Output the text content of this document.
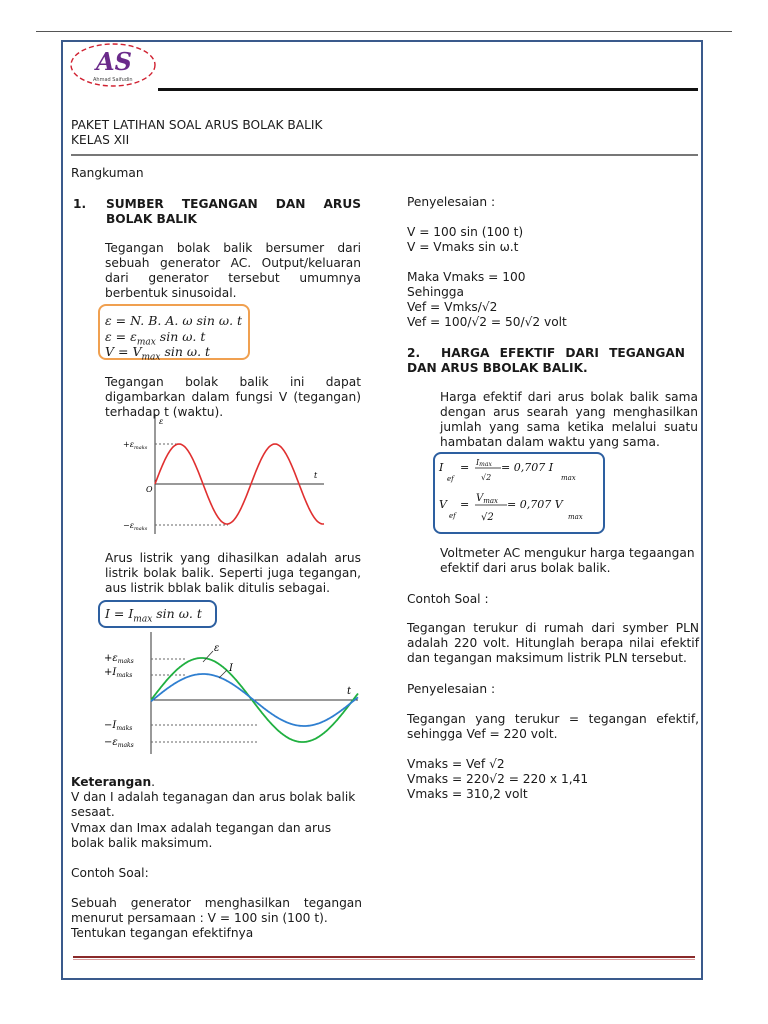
AS
Ahmad Saifudin
PAKET LATIHAN SOAL ARUS BOLAK BALIK
KELAS XII
Rangkuman
1. SUMBER TEGANGAN DAN ARUS
BOLAK BALIK
Tegangan bolak balik bersumer dari sebuah generator AC. Output/keluaran dari generator tersebut umumnya berbentuk sinusoidal.
ε = N. B. A. ω sin ω. t
$\varepsilon = \varepsilon_{max}$ sin ω. t
$V = V_{max}$ sin ω. t
Tegangan bolak balik ini dapat digambarkan dalam fungsi V (tegangan) terhadap t (waktu).
$+\varepsilon_{maks}$
$-\varepsilon_{maks}$
O
t
ε
Arus listrik yang dihasilkan adalah arus listrik bolak balik. Seperti juga tegangan, aus listrik bblak balik ditulis sebagai.
$I = I_{max}$ sin ω. t
$+\varepsilon_{maks}$
$+I_{maks}$
$-I_{maks}$
$-\varepsilon_{maks}$
ε
I
t
Keterangan.
V dan I adalah teganagan dan arus bolak balik sesaat.
Vmax dan Imax adalah tegangan dan arus bolak balik maksimum.
Contoh Soal:
Sebuah generator menghasilkan tegangan menurut persamaan : V = 100 sin (100 t).
Tentukan tegangan efektifnya
Penyelesaian :
V = 100 sin (100 t)
V = Vmaks sin ω.t
Maka Vmaks = 100
Sehingga
Vef = Vmks/√2
Vef = 100/√2 = 50/√2 volt
2. HARGA EFEKTIF DARI TEGANGAN
DAN ARUS BBOLAK BALIK.
Harga efektif dari arus bolak balik sama dengan arus searah yang menghasilkan jumlah yang sama ketika melalui suatu hambatan dalam waktu yang sama.
I
ef
= Imax
√2
= 0,707 I
max
V
ef
= $V_{max}$
√2
= 0,707 V
max
Voltmeter AC mengukur harga tegaangan efektif dari arus bolak balik.
Contoh Soal :
Tegangan terukur di rumah dari symber PLN adalah 220 volt. Hitunglah berapa nilai efektif dan tegangan maksimum listrik PLN tersebut.
Penyelesaian :
Tegangan yang terukur = tegangan efektif, sehingga Vef = 220 volt.
Vmaks = Vef √2
Vmaks = 220√2 = 220 x 1,41
Vmaks = 310,2 volt
